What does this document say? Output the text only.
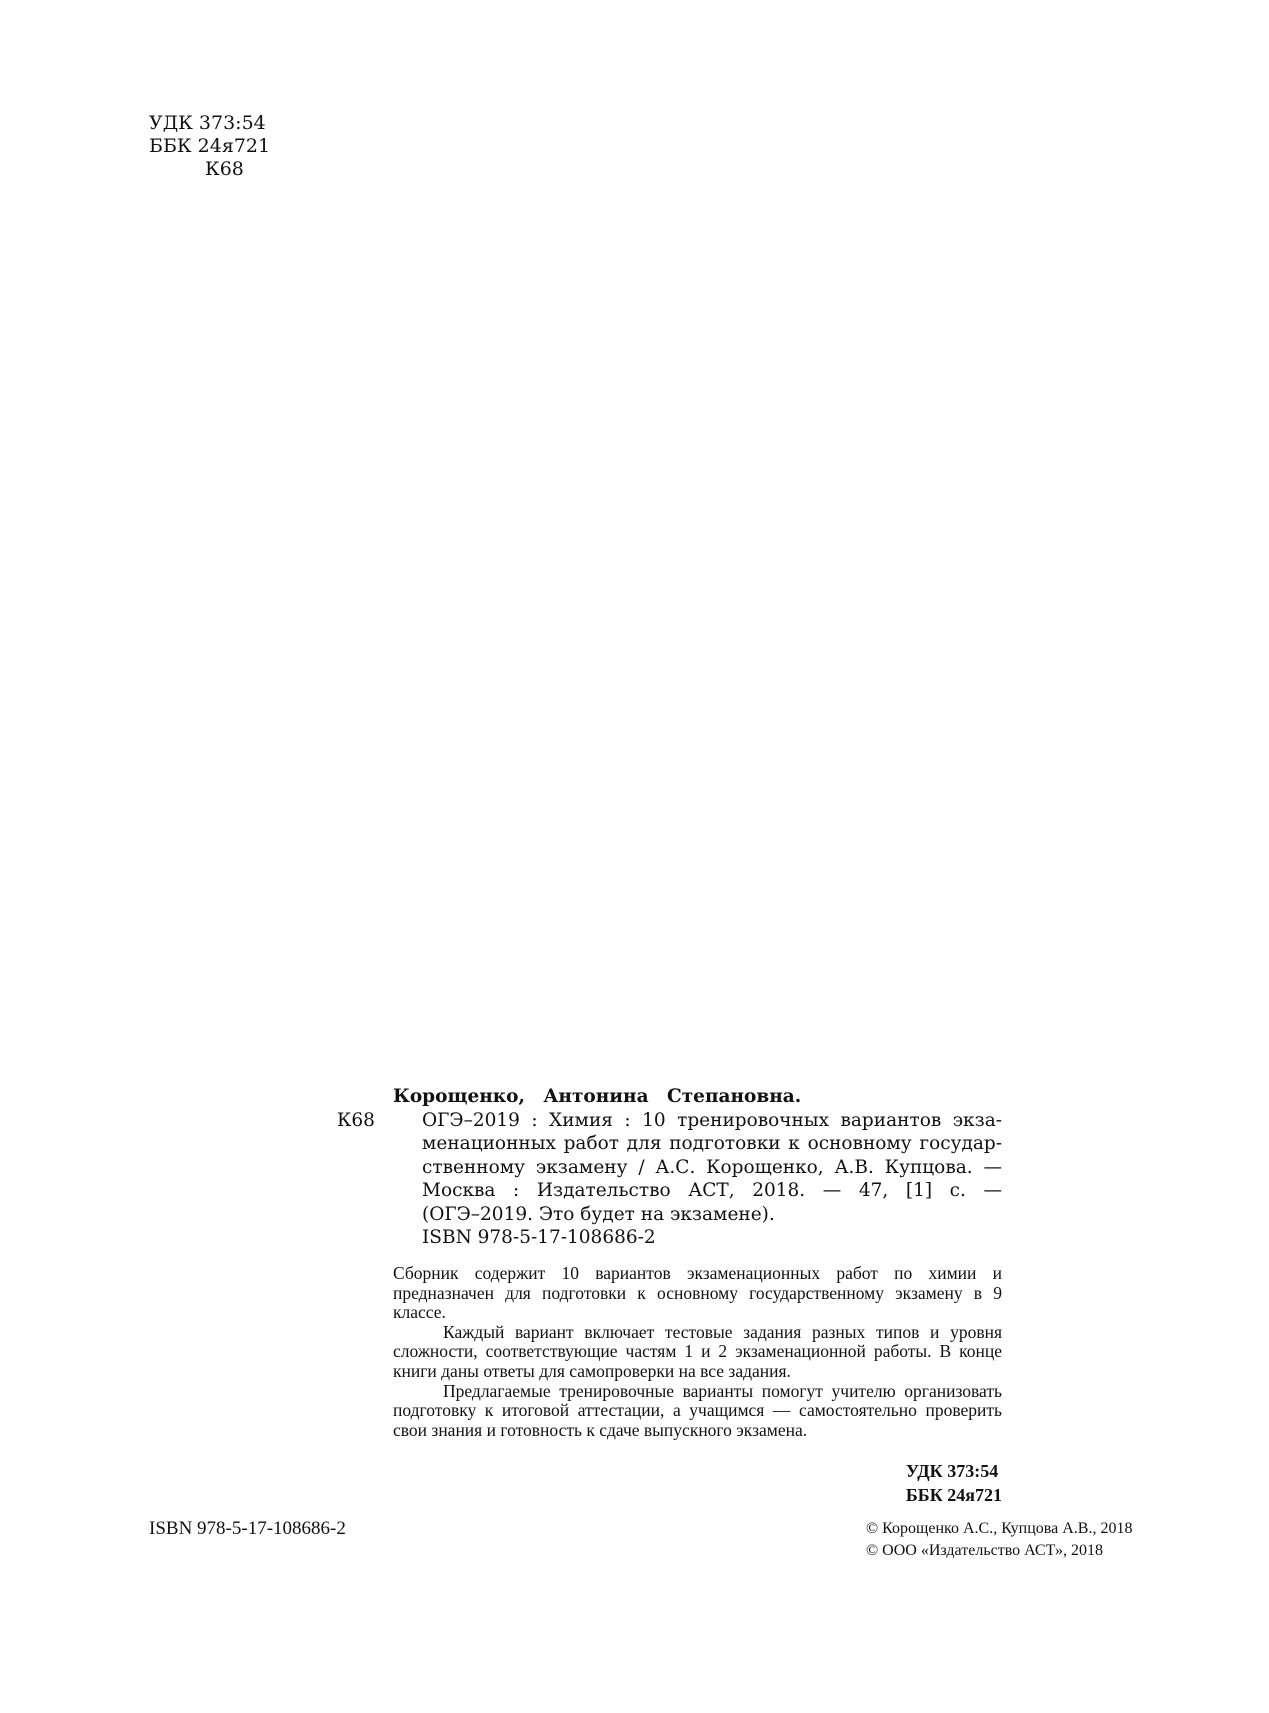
УДК 373:54
ББК 24я721
К68
Корощенко, Антонина Степановна.
К68	ОГЭ–2019 : Химия : 10 тренировочных вариантов экза-
менационных работ для подготовки к основному государ-
ственному экзамену / А.С. Корощенко, А.В. Купцова. —
Москва : Издательство АСТ, 2018. — 47, [1] с. —
(ОГЭ–2019. Это будет на экзамене).
ISBN 978-5-17-108686-2

Сборник содержит 10 вариантов экзаменационных работ по химии и предназначен для подготовки к основному государственному экзамену в 9 классе.

Каждый вариант включает тестовые задания разных типов и уровня сложности, соответствующие частям 1 и 2 экзаменационной работы. В конце книги даны ответы для самопроверки на все задания.

Предлагаемые тренировочные варианты помогут учителю организовать подготовку к итоговой аттестации, а учащимся — самостоятельно проверить свои знания и готовность к сдаче выпускного экзамена.

УДК 373:54
ББК 24я721
ISBN 978-5-17-108686-2	© Корощенко А.С., Купцова А.В., 2018
© ООО «Издательство АСТ», 2018
